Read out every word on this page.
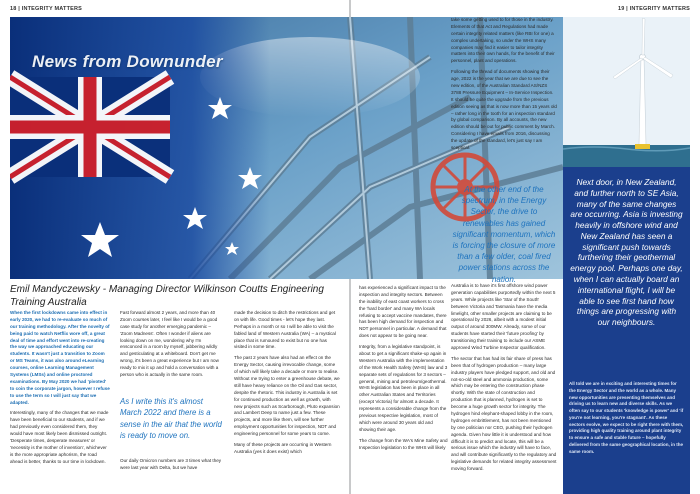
18 | INTEGRITY MATTERS	19 | INTEGRITY MATTERS
News from Downunder
Emil Mandyczewsky - Managing Director Wilkinson Coutts Engineering Training Australia

When the first lockdowns came into effect in early 2020, we had to re-evaluate so much of our training methodology. After the novelty of being paid to watch Netflix wore off, a great deal of time and effort went into re-creating the way we approached educating our students. It wasn't just a transition to Zoom or MS Teams, it was also around eLearning courses, online Learning Management Systems (LMSs) and online proctored examinations. By May 2020 we had 'pivoted' to coin the corporate jargon, however I refuse to use the term so I will just say that we adapted.

Interestingly, many of the changes that we made have been beneficial to our students, and if we had previously even considered them, they would have most likely been dismissed outright. 'Desperate times, desperate measures' or 'necessity is the mother of invention', whichever is the more appropriate aphorism, the road ahead is better, thanks to our time in lockdown.

Fast forward almost 2 years, and more than 40 Zoom courses later, I feel like I would be a good case study for another emerging pandemic – 'Zoom Madness'. Often I wonder if aliens are looking down on me, wondering why I'm ensconced in a room by myself, jabbering wildly and gesticulating at a whiteboard. Don't get me wrong, it's been a great experience but I am now ready to mix it up and hold a conversation with a person who is actually in the same room.

As I write this it's almost March 2022 and there is a sense in the air that the world is ready to move on.

Our daily Omicron numbers are 3 times what they were last year with Delta, but we have

made the decision to ditch the restrictions and get on with life. Good times - let's hope they last. Perhaps in a month or so I will be able to visit the fabled land of Western Australia (WA) – a mystical place that is rumoured to exist but no one has visited in some time.

The past 2 years have also had an effect on the Energy Sector, causing irrevocable change, some of which will likely take a decade or more to realise. Without me trying to enter a greenhouse debate, we still have heavy reliance on the Oil and Gas sector, despite the rhetoric. This industry in Australia is set for continued production as well as growth, with new projects such as Scarborough, Pluto expansion and Lambert Deep to name just a few. These projects, and more like them, will see further employment opportunities for inspection, NDT and engineering personnel for some years to come.

Many of these projects are occurring in Western Australia (yes it does exist) which

has experienced a significant impact to the inspection and integrity sectors. Between the inability of east coast workers to cross the 'hard border' and many WA locals refusing to accept vaccine mandates, there has been high demand for inspection and NDT personnel in particular. A demand that does not appear to be going near.

Integrity, from a legislative standpoint, is about to get a significant shake-up again in Western Australia with the implementation of the Work Health Safety (WHS) law and 3 separate sets of regulations for 3 sectors – general, mining and petroleum/geothermal. WHS legislation has been in place in all other Australian States and Territories (except Victoria) for almost a decade. It represents a considerable change from the previous respective legislation, most of which were around 30 years old and showing their age.

The change from the WA's Mine Safety and Inspection legislation to the WHS will likely

take some getting used to for those in the industry. Elements of that Act and Regulations had made certain integrity related matters (like RBI for one) a complex undertaking, so under the WHS many companies may find it easier to tailor integrity matters into their own hands, for the benefit of their personnel, plant and operations.

Following the thread of documents showing their age, 2022 is the year that we are due to see the new edition, of the Australian Standard AS/NZS 3788 Pressure Equipment – In-Service Inspection. It should be quite the upgrade from the previous edition seeing as that is now more than 15 years old – rather long in the tooth for an inspection standard by global comparison. By all accounts, the new edition should be out for public comment by March. Considering I have emails from 2016, discussing the update of the standard, let's just say I am sceptical.

At the other end of the spectrum, in the Energy Sector, the drive to renewables has gained significant momentum, which is forcing the closure of more than a few older, coal fired power stations across the nation.

Australia is to have it's first offshore wind power generation capabilities purportedly within the next 5 years. While projects like 'Star of the South' between Victoria and Tasmania have the media limelight, other smaller projects are claiming to be operational by 2026, albeit with a modest initial output of around 300MW. Already, some of our students have started their 'future proofing' by transitioning their training to include our ASME approved Wind Turbine Inspector qualification.

The sector that has had its fair share of press has been that of hydrogen production – many large industry players have pledged support, and old and not-so-old steel and ammonia production, some which may be entering the construction phase shortly. With the state of construction and production that is planned, hydrogen is set to become a huge growth sector for integrity. The hydrogen hind elephant-shaped lobby in the room, hydrogen embrittlement, has not been mentioned by one politician nor CEO, pushing their hydrogen agenda. Given how little it is understood and how difficult it is to predict and locate, this will be a serious issue which the industry will have to face, and will contribute significantly to the regulatory and legislative demands for related integrity assessment moving forward.

Next door, in New Zealand, and further north to SE Asia, many of the same changes are occurring. Asia is investing heavily in offshore wind and New Zealand has seen a significant push towards furthering their geothermal energy pool. Perhaps one day, when I can actually board an international flight, I will be able to see first hand how things are progressing with our neighbours.
All told we are in exciting and interesting times for the Energy Sector and the world as a whole. Many new opportunities are presenting themselves and driving us to learn new and diverse skills. As we often say to our students 'knowledge is power' and 'if you're not learning, you're stagnant'. As these sectors evolve, we expect to be right there with them, providing high quality training around plant integrity to ensure a safe and stable future – hopefully delivered from the same geographical location, in the same room.
